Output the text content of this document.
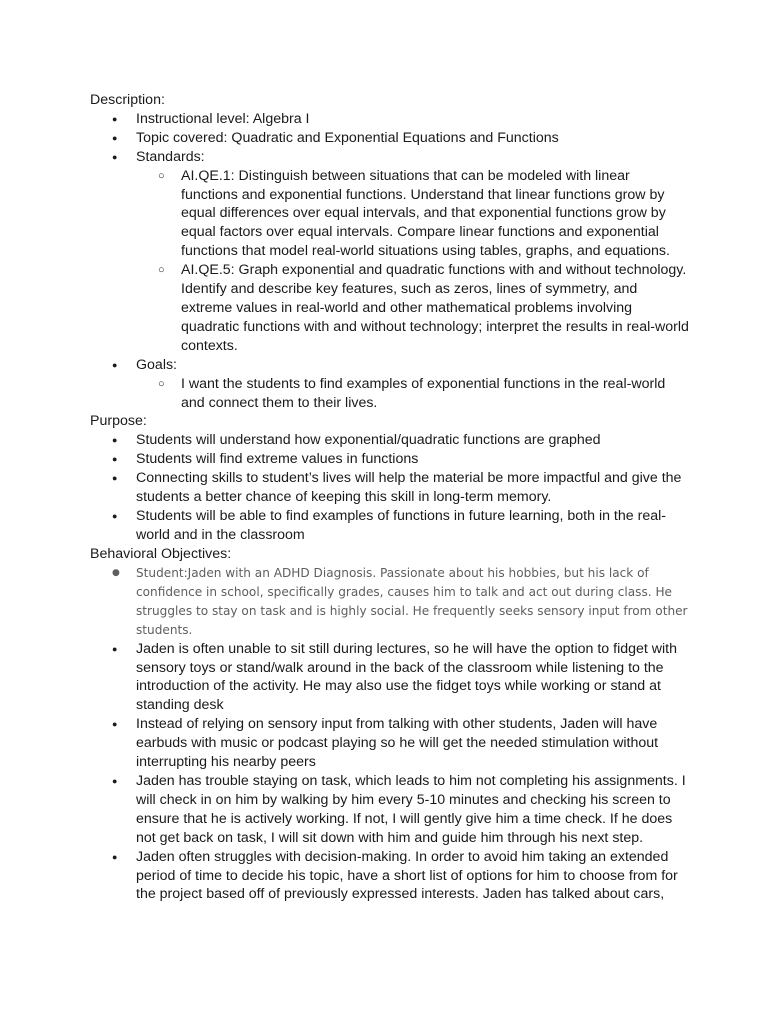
Description:

● Instructional level: Algebra I
● Topic covered: Quadratic and Exponential Equations and Functions
● Standards:
○ AI.QE.1: Distinguish between situations that can be modeled with linear functions and exponential functions. Understand that linear functions grow by equal differences over equal intervals, and that exponential functions grow by equal factors over equal intervals. Compare linear functions and exponential functions that model real-world situations using tables, graphs, and equations.
○ AI.QE.5: Graph exponential and quadratic functions with and without technology. Identify and describe key features, such as zeros, lines of symmetry, and extreme values in real-world and other mathematical problems involving quadratic functions with and without technology; interpret the results in real-world contexts.
● Goals:
○ I want the students to find examples of exponential functions in the real-world and connect them to their lives.

Purpose:

● Students will understand how exponential/quadratic functions are graphed
● Students will find extreme values in functions
● Connecting skills to student’s lives will help the material be more impactful and give the students a better chance of keeping this skill in long-term memory.
● Students will be able to find examples of functions in future learning, both in the real-world and in the classroom

Behavioral Objectives:

● Student:Jaden with an ADHD Diagnosis. Passionate about his hobbies, but his lack of confidence in school, specifically grades, causes him to talk and act out during class. He struggles to stay on task and is highly social. He frequently seeks sensory input from other students.
● Jaden is often unable to sit still during lectures, so he will have the option to fidget with sensory toys or stand/walk around in the back of the classroom while listening to the introduction of the activity. He may also use the fidget toys while working or stand at standing desk
● Instead of relying on sensory input from talking with other students, Jaden will have earbuds with music or podcast playing so he will get the needed stimulation without interrupting his nearby peers
● Jaden has trouble staying on task, which leads to him not completing his assignments. I will check in on him by walking by him every 5-10 minutes and checking his screen to ensure that he is actively working. If not, I will gently give him a time check. If he does not get back on task, I will sit down with him and guide him through his next step.
● Jaden often struggles with decision-making. In order to avoid him taking an extended period of time to decide his topic, have a short list of options for him to choose from for the project based off of previously expressed interests. Jaden has talked about cars,
